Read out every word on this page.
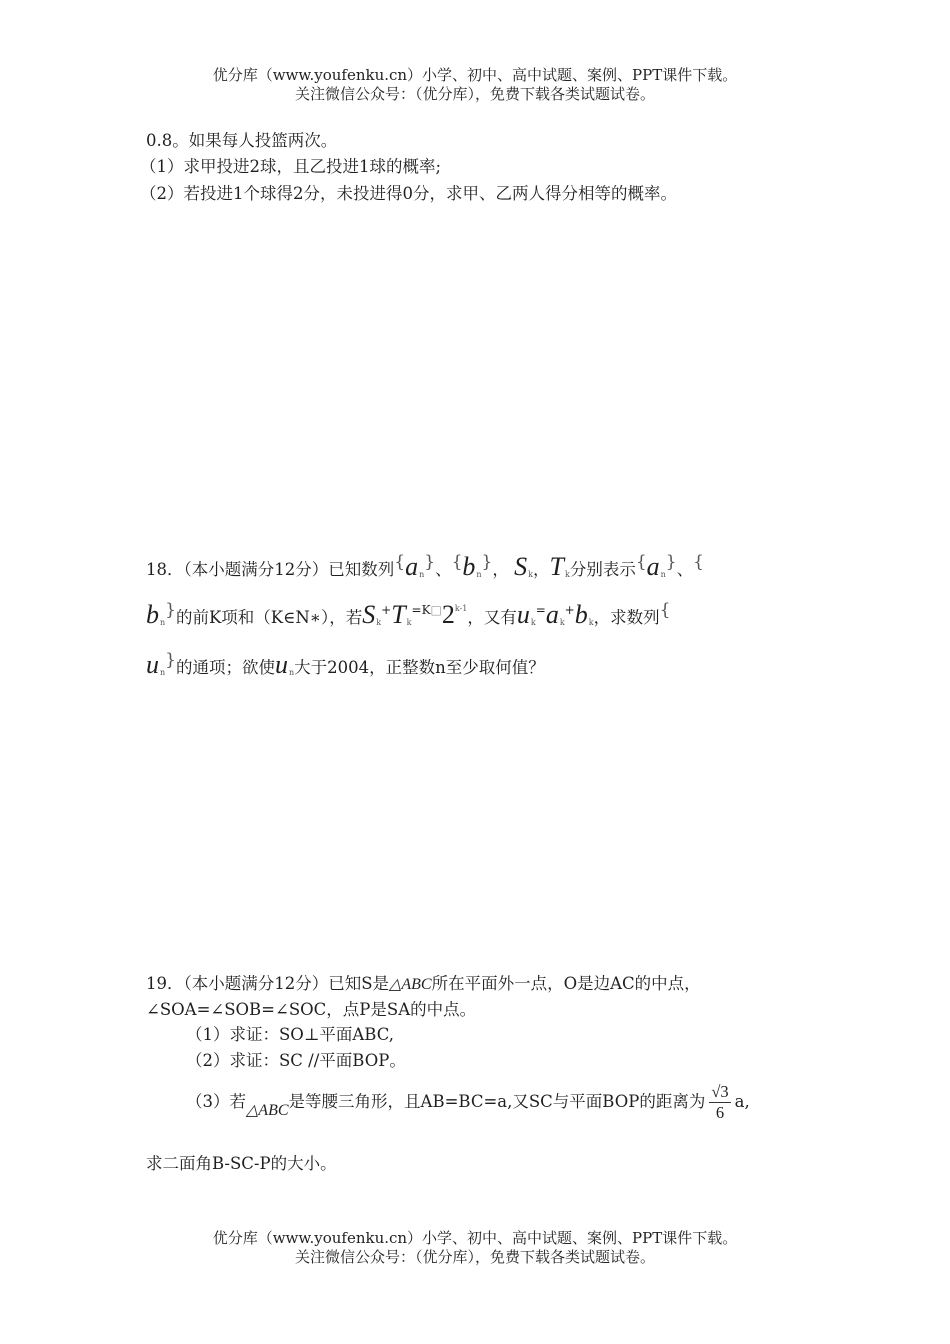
优分库（www.youfenku.cn）小学、初中、高中试题、案例、PPT课件下载。
关注微信公众号：（优分库），免费下载各类试题试卷。
0.8。如果每人投篮两次。
（1）求甲投进2球，且乙投进1球的概率;
（2）若投进1个球得2分，未投进得0分，求甲、乙两人得分相等的概率。
18．（本小题满分12分）已知数列$\{a_n\}$、$\{b_n\}$， $S_k$，$T_k$分别表示$\{a_n\}$、{
$b_n$}的前K项和（K∈N∗），若$S_k^+T_k^{=K□}2^{k-1}$，又有$u_k^=a_k^+b_k$，求数列{
$u_n$}的通项；欲使$u_n$大于2004，正整数n至少取何值？
19．（本小题满分12分）已知S是△ABC所在平面外一点，O是边AC的中点，
∠SOA=∠SOB=∠SOC，点P是SA的中点。
（1）求证：SO⊥平面ABC,
（2）求证：SC //平面BOP。
（3）若△ABC是等腰三角形，且AB=BC=a,又SC与平面BOP的距离为 $\frac{√3}{6} a$,
求二面角B-SC-P的大小。
优分库（www.youfenku.cn）小学、初中、高中试题、案例、PPT课件下载。
关注微信公众号：（优分库），免费下载各类试题试卷。
